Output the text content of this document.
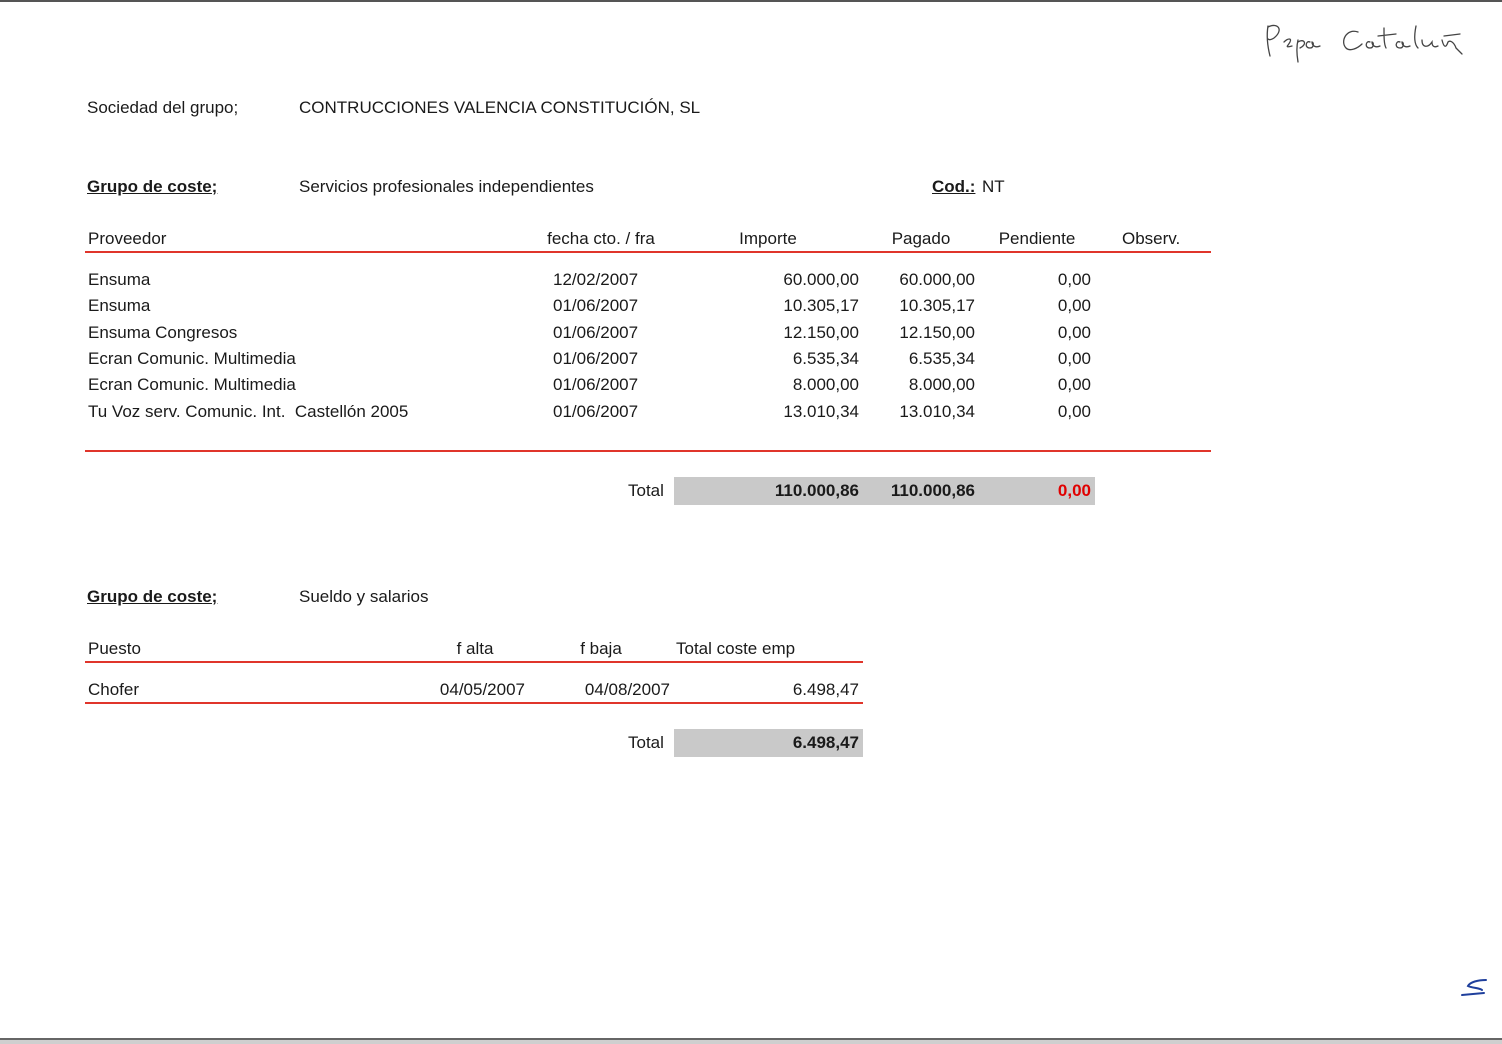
Sociedad del grupo;	CONTRUCCIONES VALENCIA CONSTITUCIÓN, SL
Grupo de coste;	Servicios profesionales independientes	Cod.: NT
Proveedor	fecha cto. / fra	Importe	Pagado	Pendiente	Observ.
Ensuma	12/02/2007	60.000,00	60.000,00	0,00
Ensuma	01/06/2007	10.305,17	10.305,17	0,00
Ensuma Congresos	01/06/2007	12.150,00	12.150,00	0,00
Ecran Comunic. Multimedia	01/06/2007	6.535,34	6.535,34	0,00
Ecran Comunic. Multimedia	01/06/2007	8.000,00	8.000,00	0,00
Tu Voz serv. Comunic. Int.  Castellón 2005	01/06/2007	13.010,34	13.010,34	0,00
Total	110.000,86	110.000,86	0,00
Grupo de coste;	Sueldo y salarios
Puesto	f alta	f baja	Total coste emp
Chofer	04/05/2007	04/08/2007	6.498,47
Total	6.498,47
